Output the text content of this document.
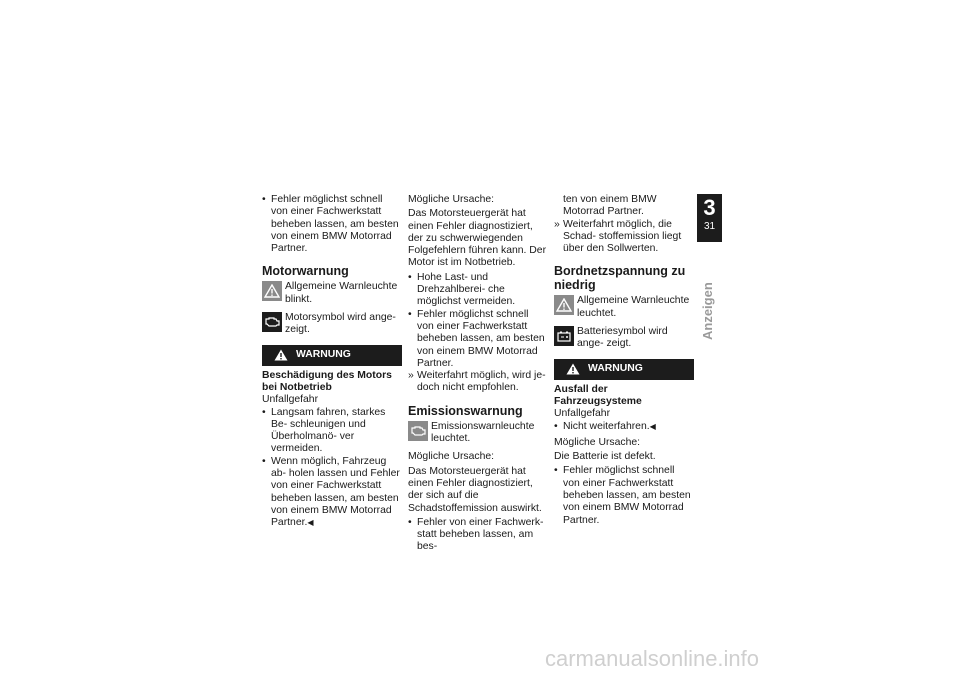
• Fehler möglichst schnell von einer Fachwerkstatt beheben lassen, am besten von einem BMW Motorrad Partner.
Motorwarnung
Allgemeine Warnleuchte blinkt.
Motorsymbol wird ange- zeigt.
WARNUNG
Beschädigung des Motors bei Notbetrieb
Unfallgefahr
• Langsam fahren, starkes Be- schleunigen und Überholmanö- ver vermeiden.
• Wenn möglich, Fahrzeug ab- holen lassen und Fehler von einer Fachwerkstatt beheben lassen, am besten von einem BMW Motorrad Partner.◀
Mögliche Ursache:
Das Motorsteuergerät hat einen Fehler diagnostiziert, der zu schwerwiegenden Folgefehlern führen kann. Der Motor ist im Notbetrieb.
• Hohe Last- und Drehzahlberei- che möglichst vermeiden.
• Fehler möglichst schnell von einer Fachwerkstatt beheben lassen, am besten von einem BMW Motorrad Partner.
» Weiterfahrt möglich, wird je- doch nicht empfohlen.
Emissionswarnung
Emissionswarnleuchte leuchtet.
Mögliche Ursache:
Das Motorsteuergerät hat einen Fehler diagnostiziert, der sich auf die Schadstoffemission auswirkt.
• Fehler von einer Fachwerk- statt beheben lassen, am bes-
ten von einem BMW Motorrad Partner.
» Weiterfahrt möglich, die Schad- stoffemission liegt über den Sollwerten.
Bordnetzspannung zu niedrig
Allgemeine Warnleuchte leuchtet.
Batteriesymbol wird ange- zeigt.
WARNUNG
Ausfall der Fahrzeugsysteme
Unfallgefahr
• Nicht weiterfahren.◀
Mögliche Ursache:
Die Batterie ist defekt.
• Fehler möglichst schnell von einer Fachwerkstatt beheben lassen, am besten von einem BMW Motorrad Partner.
3
31
Anzeigen
carmanualsonline.info
